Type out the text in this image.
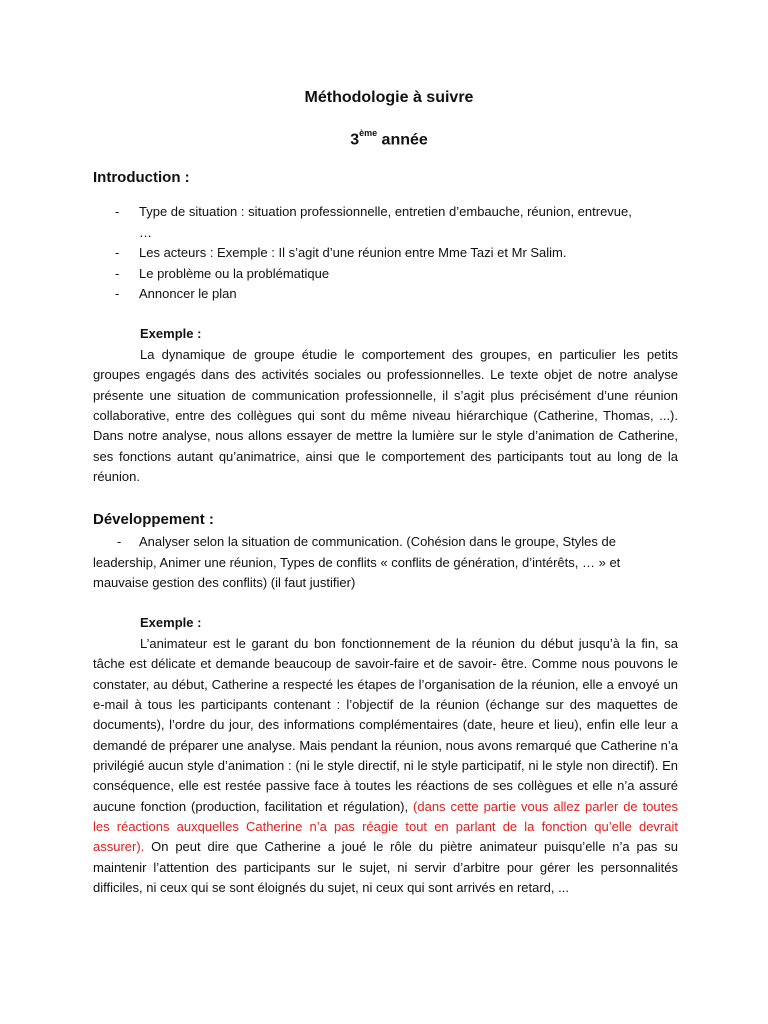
Méthodologie à suivre
3ème année
Introduction :
- Type de situation : situation professionnelle, entretien d’embauche, réunion, entrevue, …
- Les acteurs : Exemple : Il s’agit d’une réunion entre Mme Tazi et Mr Salim.
- Le problème ou la problématique
- Annoncer le plan
Exemple :

La dynamique de groupe étudie le comportement des groupes, en particulier les petits groupes engagés dans des activités sociales ou professionnelles. Le texte objet de notre analyse présente une situation de communication professionnelle, il s’agit plus précisément d’une réunion collaborative, entre des collègues qui sont du même niveau hiérarchique (Catherine, Thomas, ...). Dans notre analyse, nous allons essayer de mettre la lumière sur le style d’animation de Catherine, ses fonctions autant qu’animatrice, ainsi que le comportement des participants tout au long de la réunion.

Développement :

- Analyser selon la situation de communication. (Cohésion dans le groupe, Styles de leadership, Animer une réunion, Types de conflits « conflits de génération, d’intérêts, … » et mauvaise gestion des conflits) (il faut justifier)

Exemple :

L’animateur est le garant du bon fonctionnement de la réunion du début jusqu’à la fin, sa tâche est délicate et demande beaucoup de savoir-faire et de savoir- être. Comme nous pouvons le constater, au début, Catherine a respecté les étapes de l’organisation de la réunion, elle a envoyé un e-mail à tous les participants contenant : l’objectif de la réunion (échange sur des maquettes de documents), l’ordre du jour, des informations complémentaires (date, heure et lieu), enfin elle leur a demandé de préparer une analyse. Mais pendant la réunion, nous avons remarqué que Catherine n’a privilégié aucun style d’animation : (ni le style directif, ni le style participatif, ni le style non directif). En conséquence, elle est restée passive face à toutes les réactions de ses collègues et elle n’a assuré aucune fonction (production, facilitation et régulation), (dans cette partie vous allez parler de toutes les réactions auxquelles Catherine n’a pas réagie tout en parlant de la fonction qu’elle devrait assurer). On peut dire que Catherine a joué le rôle du piètre animateur puisqu’elle n’a pas su maintenir l’attention des participants sur le sujet, ni servir d’arbitre pour gérer les personnalités difficiles, ni ceux qui se sont éloignés du sujet, ni ceux qui sont arrivés en retard, ...
